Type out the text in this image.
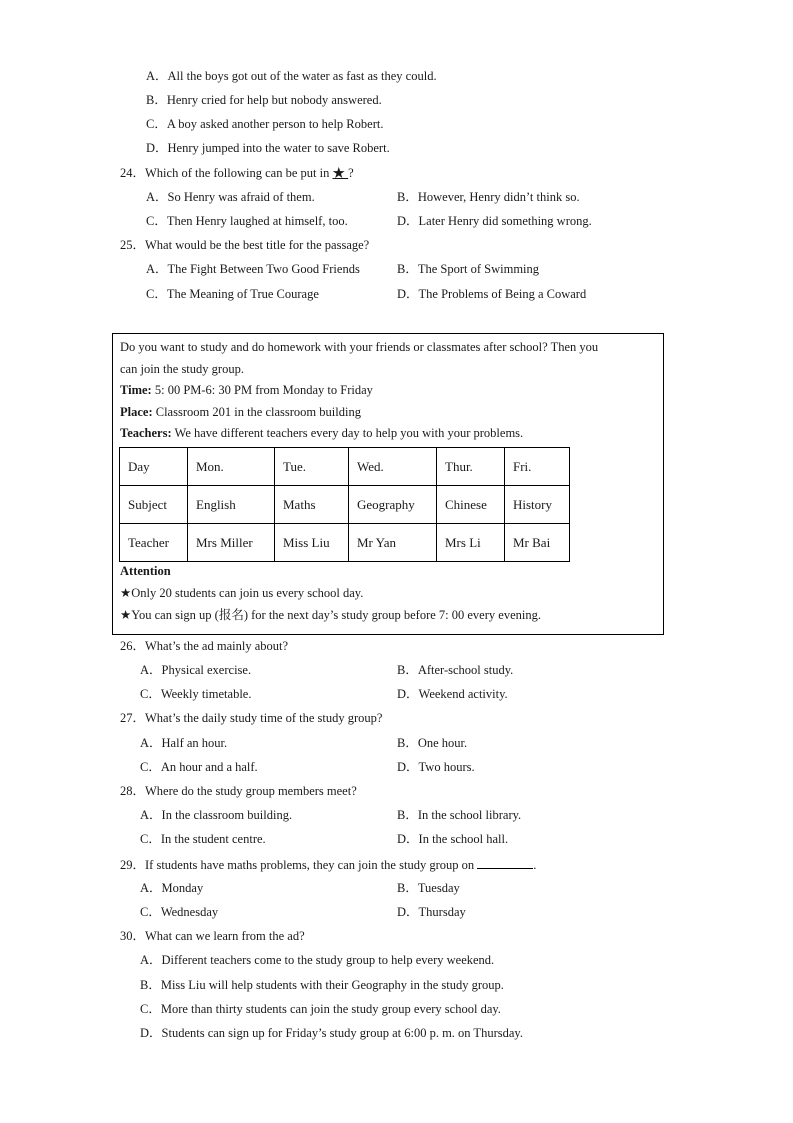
A．All the boys got out of the water as fast as they could.
B．Henry cried for help but nobody answered.
C．A boy asked another person to help Robert.
D．Henry jumped into the water to save Robert.
24．Which of the following can be put in ★ ?
A．So Henry was afraid of them.	B．However, Henry didn’t think so.
C．Then Henry laughed at himself, too.	D．Later Henry did something wrong.
25．What would be the best title for the passage?
A．The Fight Between Two Good Friends	B．The Sport of Swimming
C．The Meaning of True Courage	D．The Problems of Being a Coward
Do you want to study and do homework with your friends or classmates after school? Then you
can join the study group.
Time: 5: 00 PM-6: 30 PM from Monday to Friday
Place: Classroom 201 in the classroom building
Teachers: We have different teachers every day to help you with your problems.
Day	Mon.	Tue.	Wed.	Thur.	Fri.
Subject	English	Maths	Geography	Chinese	History
Teacher	Mrs Miller	Miss Liu	Mr Yan	Mrs Li	Mr Bai
Attention
★Only 20 students can join us every school day.
★You can sign up (报名) for the next day’s study group before 7: 00 every evening.
26．What’s the ad mainly about?
A．Physical exercise.	B．After-school study.
C．Weekly timetable.	D．Weekend activity.
27．What’s the daily study time of the study group?
A．Half an hour.	B．One hour.
C．An hour and a half.	D．Two hours.
28．Where do the study group members meet?
A．In the classroom building.	B．In the school library.
C．In the student centre.	D．In the school hall.
29．If students have maths problems, they can join the study group on	.
A．Monday	B．Tuesday
C．Wednesday	D．Thursday
30．What can we learn from the ad?
A．Different teachers come to the study group to help every weekend.
B．Miss Liu will help students with their Geography in the study group.
C．More than thirty students can join the study group every school day.
D．Students can sign up for Friday’s study group at 6:00 p. m. on Thursday.
